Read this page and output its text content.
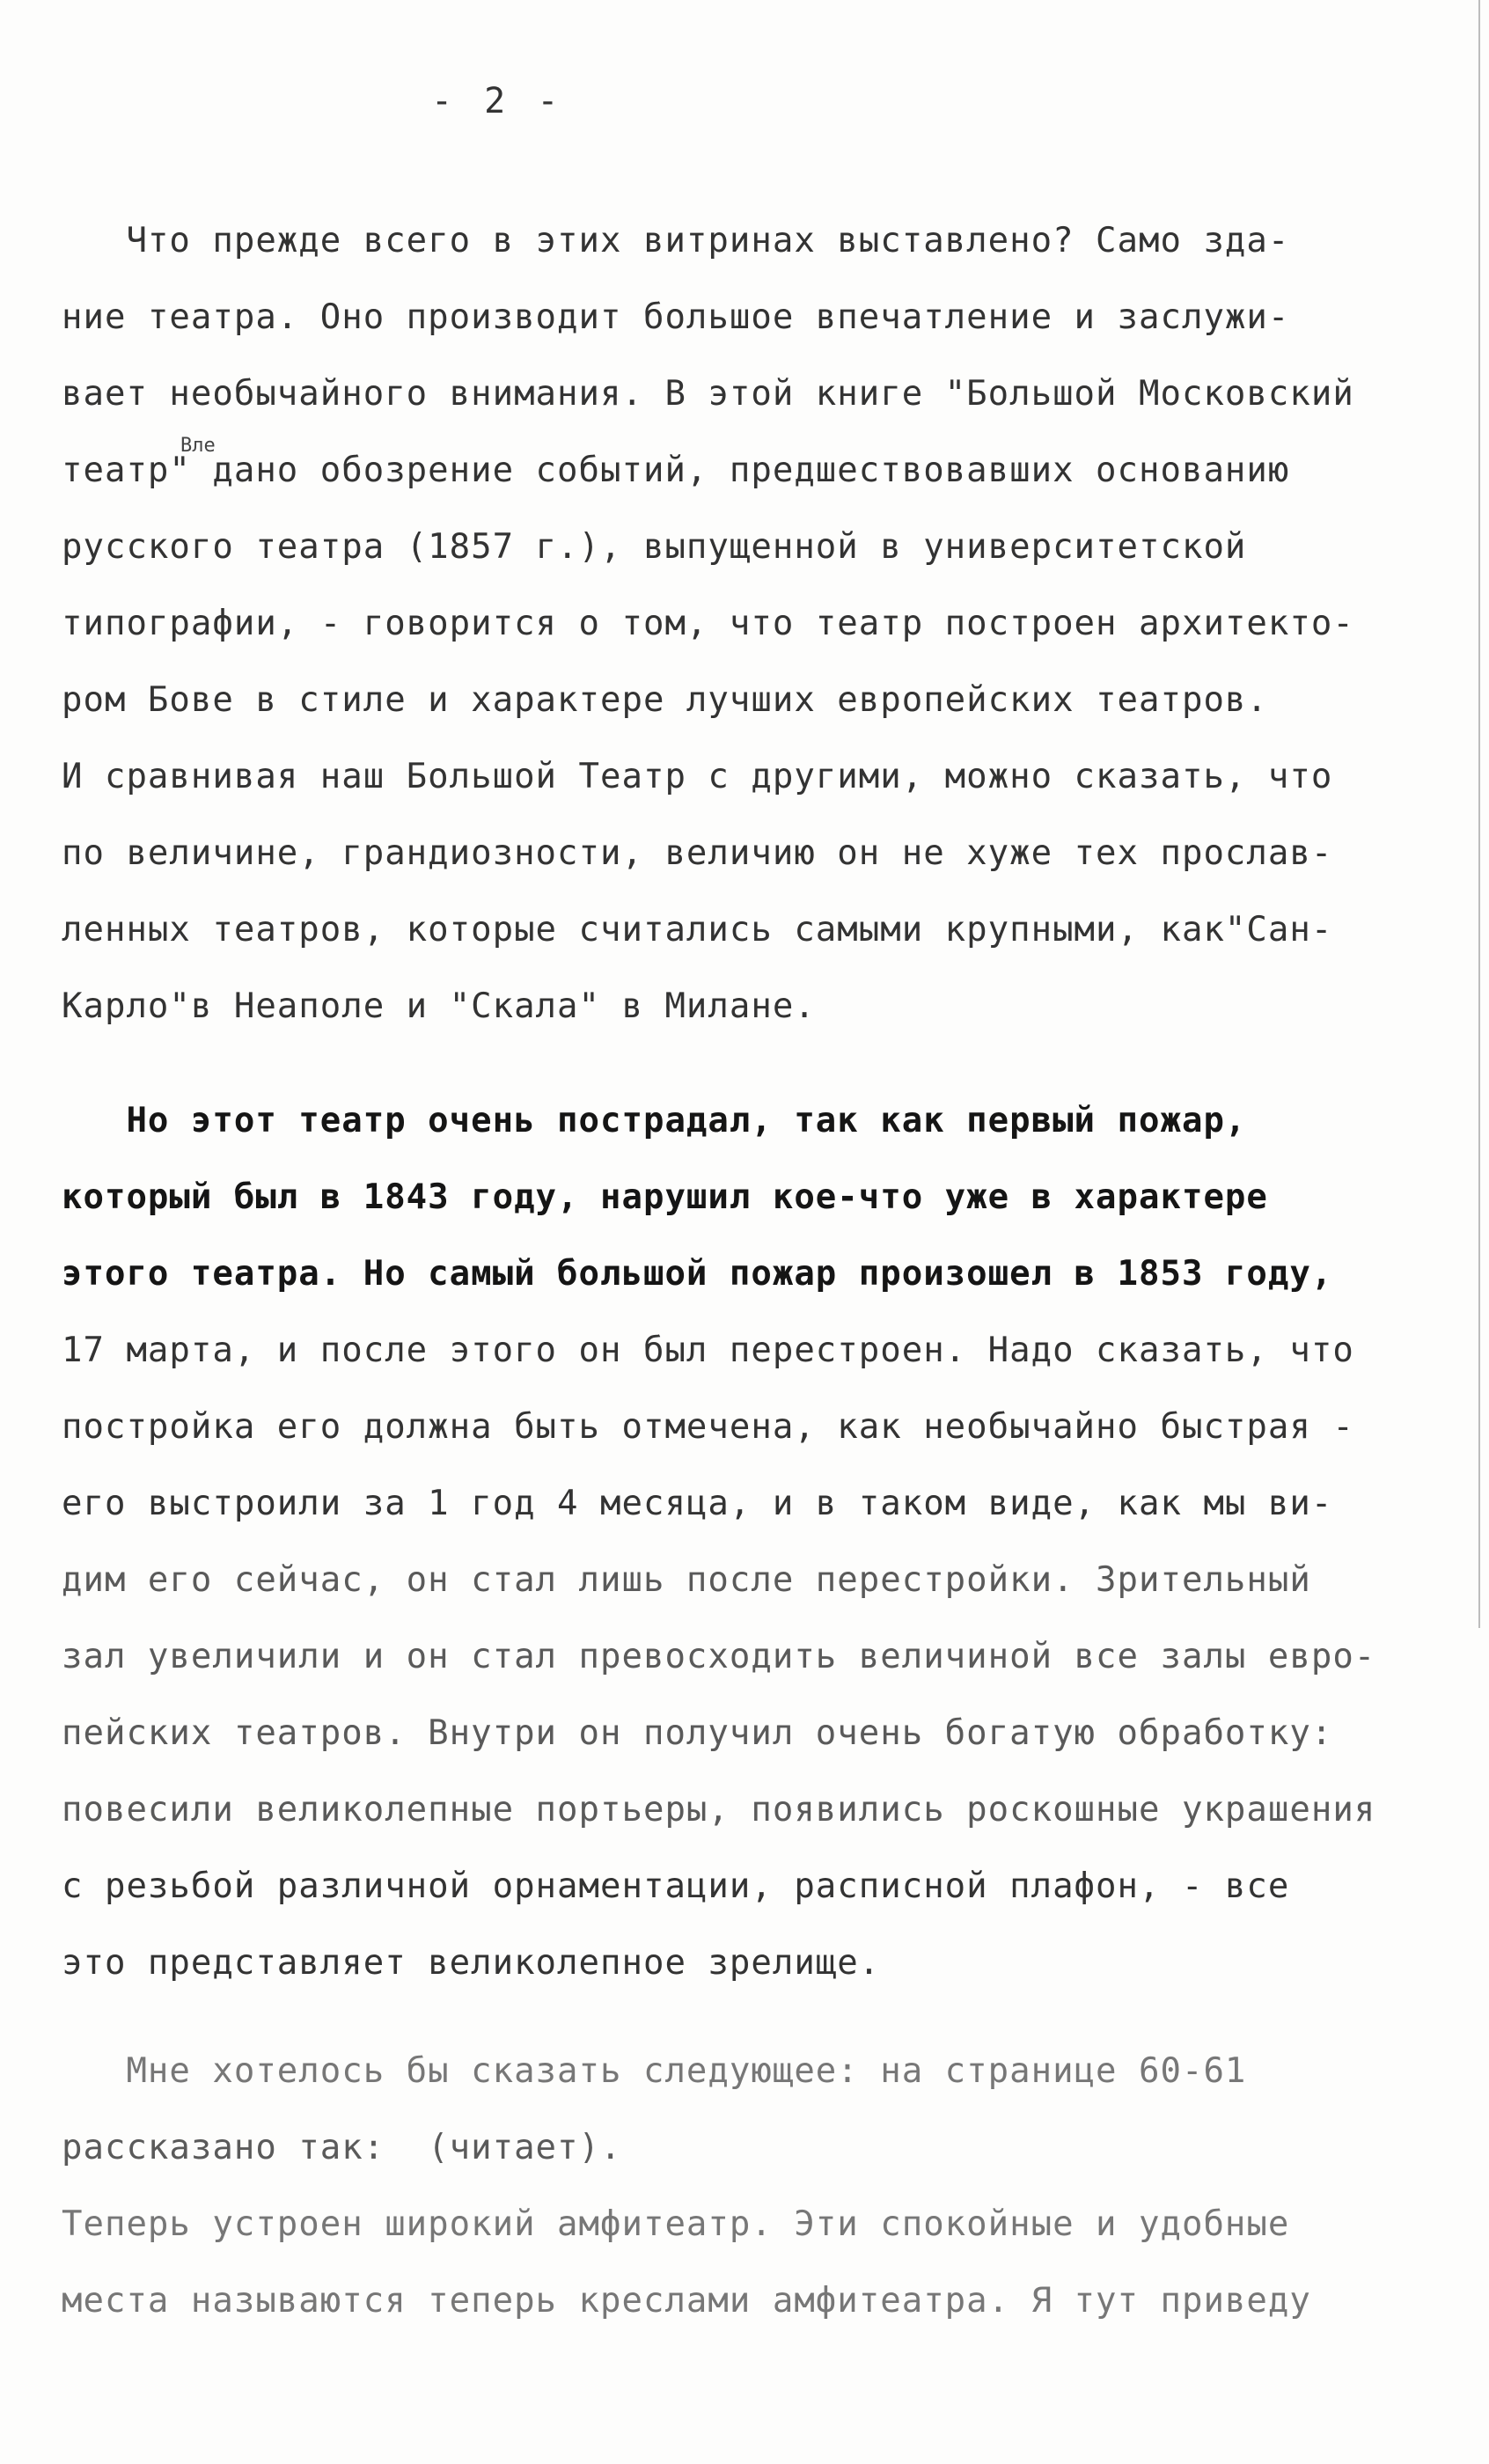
- 2 -
Вле
Что прежде всего в этих витринах выставлено? Само зда-
ние театра. Оно производит большое впечатление и заслужи-
вает необычайного внимания. В этой книге "Большой Московский
театр" дано обозрение событий, предшествовавших основанию
русского театра (1857 г.), выпущенной в университетской
типографии, - говорится о том, что театр построен архитекто-
ром Бове в стиле и характере лучших европейских театров.
И сравнивая наш Большой Театр с другими, можно сказать, что
по величине, грандиозности, величию он не хуже тех прослав-
ленных театров, которые считались самыми крупными, как"Сан-
Карло"в Неаполе и "Скала" в Милане.
Но этот театр очень пострадал, так как первый пожар,
который был в 1843 году, нарушил кое-что уже в характере
этого театра. Но самый большой пожар произошел в 1853 году,
17 марта, и после этого он был перестроен. Надо сказать, что
постройка его должна быть отмечена, как необычайно быстрая -
его выстроили за 1 год 4 месяца, и в таком виде, как мы ви-
дим его сейчас, он стал лишь после перестройки. Зрительный
зал увеличили и он стал превосходить величиной все залы евро-
пейских театров. Внутри он получил очень богатую обработку:
повесили великолепные портьеры, появились роскошные украшения
с резьбой различной орнаментации, расписной плафон, - все
это представляет великолепное зрелище.
Мне хотелось бы сказать следующее: на странице 60-61
рассказано так:  (читает).
Теперь устроен широкий амфитеатр. Эти спокойные и удобные
места называются теперь креслами амфитеатра. Я тут приведу
